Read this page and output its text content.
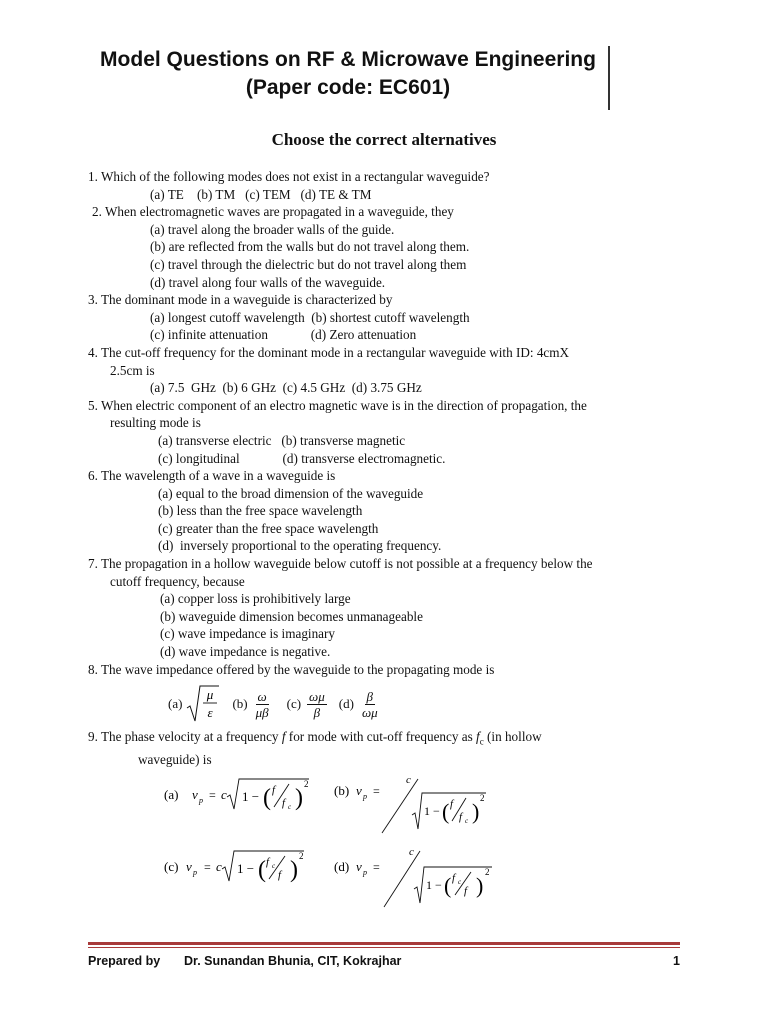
Model Questions on RF & Microwave Engineering
(Paper code: EC601)
Choose the correct alternatives
1. Which of the following modes does not exist in a rectangular waveguide?
(a) TE    (b) TM   (c) TEM   (d) TE & TM
2. When electromagnetic waves are propagated in a waveguide, they
(a) travel along the broader walls of the guide.
(b) are reflected from the walls but do not travel along them.
(c) travel through the dielectric but do not travel along them
(d) travel along four walls of the waveguide.
3. The dominant mode in a waveguide is characterized by
(a) longest cutoff wavelength  (b) shortest cutoff wavelength
(c) infinite attenuation             (d) Zero attenuation
4. The cut-off frequency for the dominant mode in a rectangular waveguide with ID: 4cmX
2.5cm is
(a) 7.5  GHz  (b) 6 GHz  (c) 4.5 GHz  (d) 3.75 GHz
5. When electric component of an electro magnetic wave is in the direction of propagation, the
resulting mode is
(a) transverse electric   (b) transverse magnetic
(c) longitudinal             (d) transverse electromagnetic.
6. The wavelength of a wave in a waveguide is
(a) equal to the broad dimension of the waveguide
(b) less than the free space wavelength
(c) greater than the free space wavelength
(d)  inversely proportional to the operating frequency.
7. The propagation in a hollow waveguide below cutoff is not possible at a frequency below the
cutoff frequency, because
(a) copper loss is prohibitively large
(b) waveguide dimension becomes unmanageable
(c) wave impedance is imaginary
(d) wave impedance is negative.
8. The wave impedance offered by the waveguide to the propagating mode is
(a)
μ
ε
$(b) \frac{\omega}{\mu\beta} (c) \frac{\omega\mu}{\beta} (d) \frac{\beta}{\omega\mu}$
9. The phase velocity at a frequency f for mode with cut-off frequency as $f_c$ (in hollow
waveguide) is
(a) v p = c 1 − ( f
f c )
2 (b) v p =
c
1 − ( f
f c )
2
(c) v p = c 1 − ( f c
f )
2
(d) v p =
c
1 − ( f c
f )
2
Prepared by Dr. Sunandan Bhunia, CIT, Kokrajhar	1
